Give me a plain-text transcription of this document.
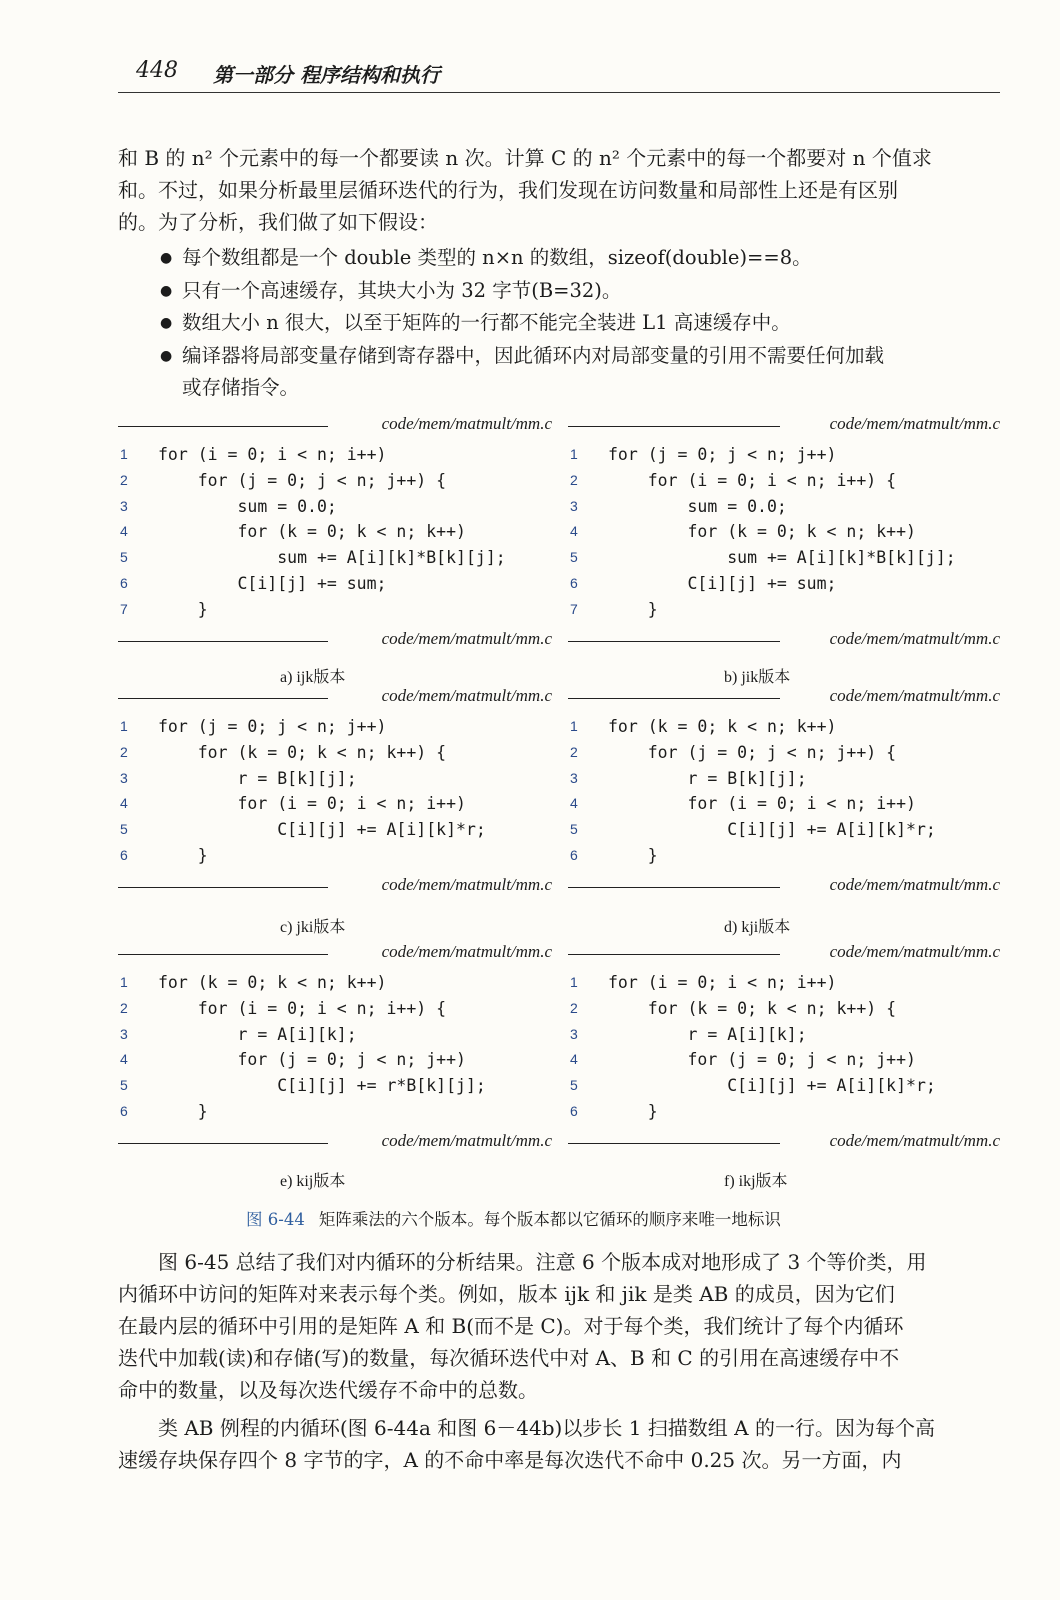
448 第一部分 程序结构和执行

和 B 的 n² 个元素中的每一个都要读 n 次。计算 C 的 n² 个元素中的每一个都要对 n 个值求
和。不过，如果分析最里层循环迭代的行为，我们发现在访问数量和局部性上还是有区别
的。为了分析，我们做了如下假设：

● 每个数组都是一个 double 类型的 n×n 的数组，sizeof(double)==8。
● 只有一个高速缓存，其块大小为 32 字节(B=32)。
● 数组大小 n 很大，以至于矩阵的一行都不能完全装进 L1 高速缓存中。
● 编译器将局部变量存储到寄存器中，因此循环内对局部变量的引用不需要任何加载
或存储指令。
code/mem/matmult/mm.c
1	for (i = 0; i < n; i++)
2	for (j = 0; j < n; j++) {
3	sum = 0.0;
4	for (k = 0; k < n; k++)
5	sum += A[i][k]*B[k][j];
6	C[i][j] += sum;
7	}
code/mem/matmult/mm.c
a) ijk版本
code/mem/matmult/mm.c
1	for (j = 0; j < n; j++)
2	for (i = 0; i < n; i++) {
3	sum = 0.0;
4	for (k = 0; k < n; k++)
5	sum += A[i][k]*B[k][j];
6	C[i][j] += sum;
7	}
code/mem/matmult/mm.c
b) jik版本
code/mem/matmult/mm.c
1	for (j = 0; j < n; j++)
2	for (k = 0; k < n; k++) {
3	r = B[k][j];
4	for (i = 0; i < n; i++)
5	C[i][j] += A[i][k]*r;
6	}
code/mem/matmult/mm.c
c) jki版本
code/mem/matmult/mm.c
1	for (k = 0; k < n; k++)
2	for (j = 0; j < n; j++) {
3	r = B[k][j];
4	for (i = 0; i < n; i++)
5	C[i][j] += A[i][k]*r;
6	}
code/mem/matmult/mm.c
d) kji版本
code/mem/matmult/mm.c
1	for (k = 0; k < n; k++)
2	for (i = 0; i < n; i++) {
3	r = A[i][k];
4	for (j = 0; j < n; j++)
5	C[i][j] += r*B[k][j];
6	}
code/mem/matmult/mm.c
e) kij版本
code/mem/matmult/mm.c
1	for (i = 0; i < n; i++)
2	for (k = 0; k < n; k++) {
3	r = A[i][k];
4	for (j = 0; j < n; j++)
5	C[i][j] += A[i][k]*r;
6	}
code/mem/matmult/mm.c
f) ikj版本
图 6-44 矩阵乘法的六个版本。每个版本都以它循环的顺序来唯一地标识

　　图 6-45 总结了我们对内循环的分析结果。注意 6 个版本成对地形成了 3 个等价类，用
内循环中访问的矩阵对来表示每个类。例如，版本 ijk 和 jik 是类 AB 的成员，因为它们
在最内层的循环中引用的是矩阵 A 和 B(而不是 C)。对于每个类，我们统计了每个内循环
迭代中加载(读)和存储(写)的数量，每次循环迭代中对 A、B 和 C 的引用在高速缓存中不
命中的数量，以及每次迭代缓存不命中的总数。

　　类 AB 例程的内循环(图 6-44a 和图 6－44b)以步长 1 扫描数组 A 的一行。因为每个高
速缓存块保存四个 8 字节的字，A 的不命中率是每次迭代不命中 0.25 次。另一方面，内
